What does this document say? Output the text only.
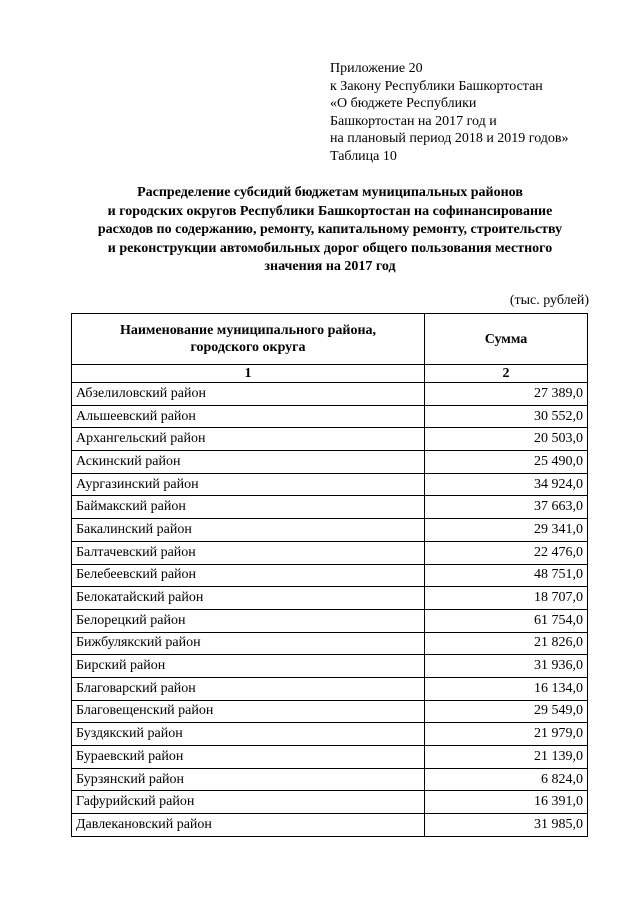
Приложение 20
к Закону Республики Башкортостан
«О бюджете Республики
Башкортостан на 2017 год и
на плановый период 2018 и 2019 годов»
Таблица 10
Распределение субсидий бюджетам муниципальных районов
и городских округов Республики Башкортостан на софинансирование
расходов по содержанию, ремонту, капитальному ремонту, строительству
и реконструкции автомобильных дорог общего пользования местного
значения на 2017 год
(тыс. рублей)
Наименование муниципального района,
городского округа	Сумма
1	2
Абзелиловский район	27 389,0
Альшеевский район	30 552,0
Архангельский район	20 503,0
Аскинский район	25 490,0
Аургазинский район	34 924,0
Баймакский район	37 663,0
Бакалинский район	29 341,0
Балтачевский район	22 476,0
Белебеевский район	48 751,0
Белокатайский район	18 707,0
Белорецкий район	61 754,0
Бижбулякский район	21 826,0
Бирский район	31 936,0
Благоварский район	16 134,0
Благовещенский район	29 549,0
Буздякский район	21 979,0
Бураевский район	21 139,0
Бурзянский район	6 824,0
Гафурийский район	16 391,0
Давлекановский район	31 985,0
